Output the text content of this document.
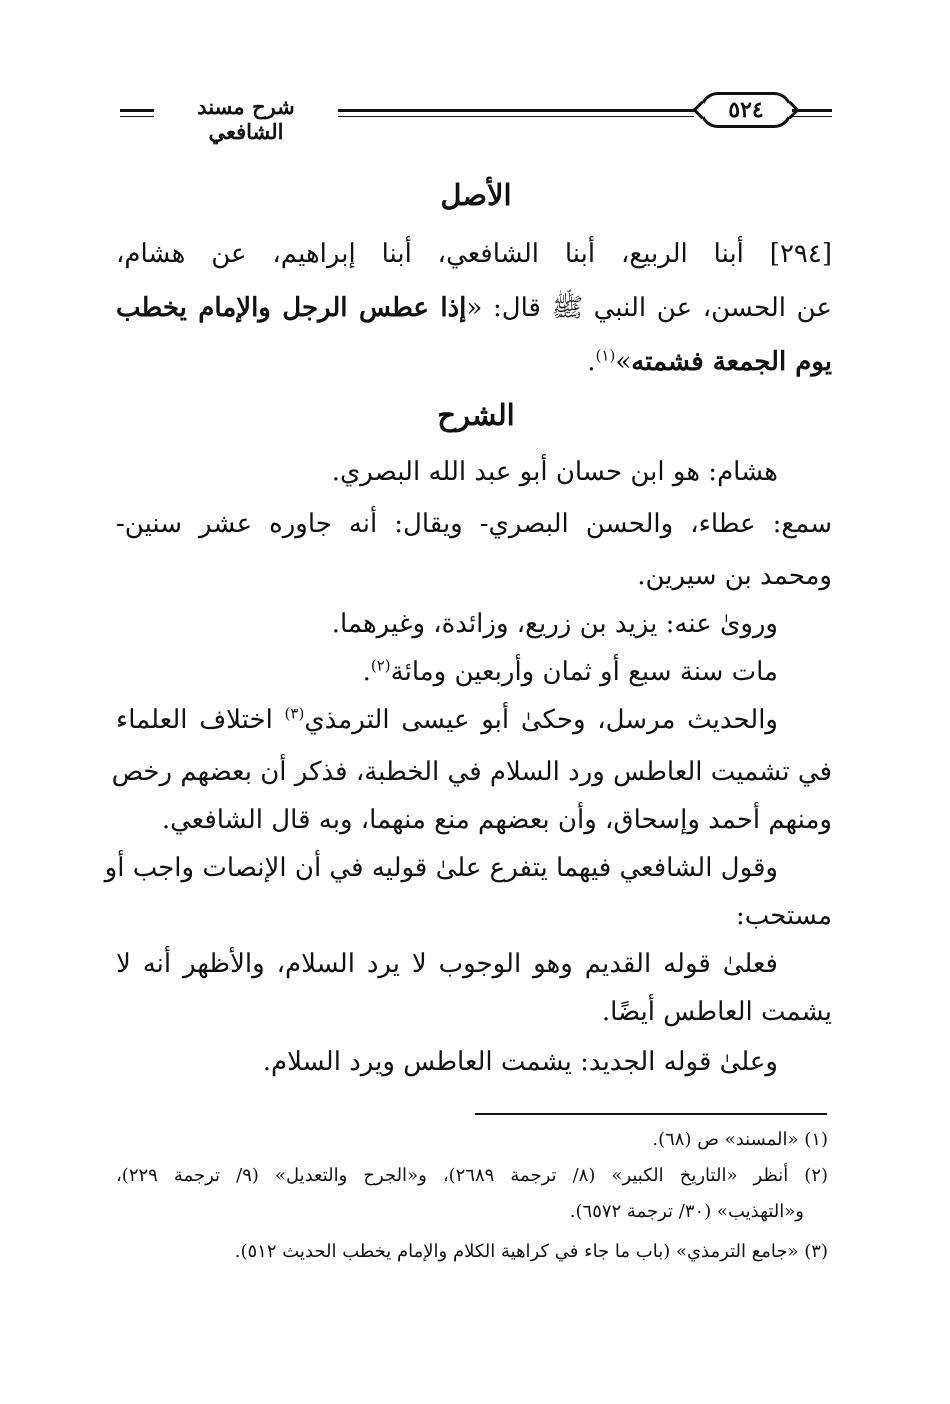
شرح مسند الشافعي
٥٢٤
الأصل
[٢٩٤] أبنا الربيع، أبنا الشافعي، أبنا إبراهيم، عن هشام،
عن الحسن، عن النبي ﷺ قال: «إذا عطس الرجل والإمام يخطب
يوم الجمعة فشمته»$^{(١)}$.
الشرح
هشام: هو ابن حسان أبو عبد الله البصري.
سمع: عطاء، والحسن البصري- ويقال: أنه جاوره عشر سنين-
ومحمد بن سيرين.
وروىٰ عنه: يزيد بن زريع، وزائدة، وغيرهما.
مات سنة سبع أو ثمان وأربعين ومائة$^{(٢)}$.
والحديث مرسل، وحكىٰ أبو عيسى الترمذي$^{(٣)}$ اختلاف العلماء
في تشميت العاطس ورد السلام في الخطبة، فذكر أن بعضهم رخص
ومنهم أحمد وإسحاق، وأن بعضهم منع منهما، وبه قال الشافعي.
وقول الشافعي فيهما يتفرع علىٰ قوليه في أن الإنصات واجب أو
مستحب:
فعلىٰ قوله القديم وهو الوجوب لا يرد السلام، والأظهر أنه لا
يشمت العاطس أيضًا.
وعلىٰ قوله الجديد: يشمت العاطس ويرد السلام.
(١) «المسند» ص (٦٨).
(٢) أنظر «التاريخ الكبير» (٨/ ترجمة ٢٦٨٩)، و«الجرح والتعديل» (٩/ ترجمة ٢٢٩)،
و«التهذيب» (٣٠/ ترجمة ٦٥٧٢).
(٣) «جامع الترمذي» (باب ما جاء في كراهية الكلام والإمام يخطب الحديث ٥١٢).
